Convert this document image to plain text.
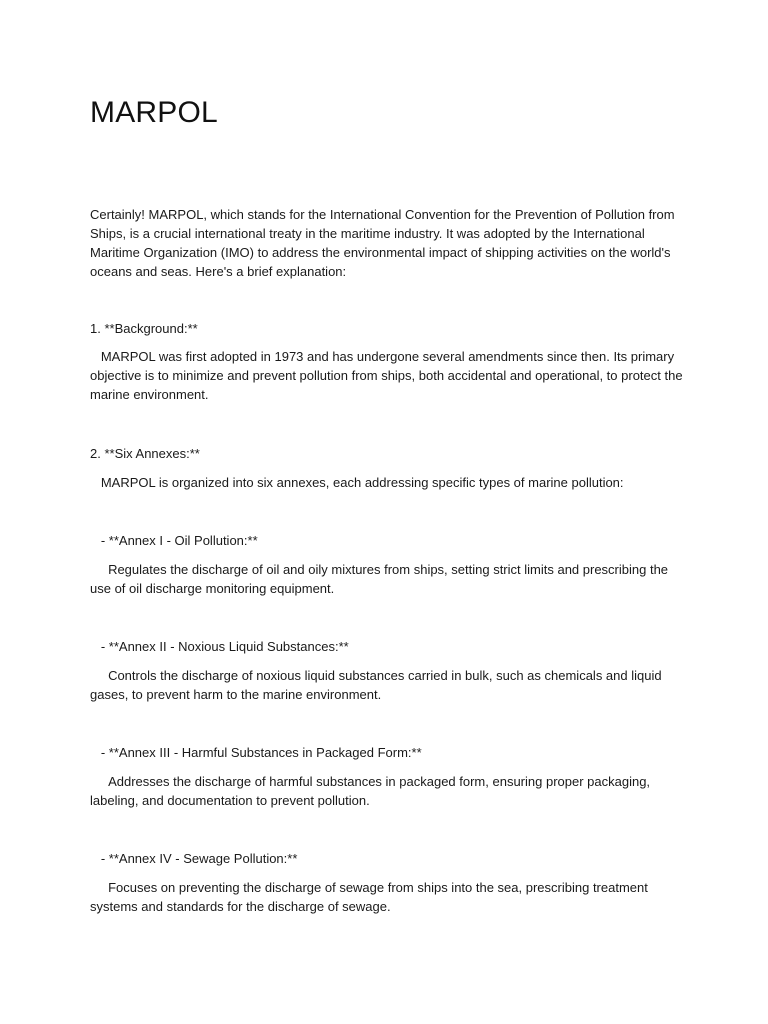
MARPOL

Certainly! MARPOL, which stands for the International Convention for the Prevention of Pollution from Ships, is a crucial international treaty in the maritime industry. It was adopted by the International Maritime Organization (IMO) to address the environmental impact of shipping activities on the world's oceans and seas. Here's a brief explanation:

1. **Background:**

MARPOL was first adopted in 1973 and has undergone several amendments since then. Its primary objective is to minimize and prevent pollution from ships, both accidental and operational, to protect the marine environment.

2. **Six Annexes:**

MARPOL is organized into six annexes, each addressing specific types of marine pollution:

- **Annex I - Oil Pollution:**

Regulates the discharge of oil and oily mixtures from ships, setting strict limits and prescribing the use of oil discharge monitoring equipment.

- **Annex II - Noxious Liquid Substances:**

Controls the discharge of noxious liquid substances carried in bulk, such as chemicals and liquid gases, to prevent harm to the marine environment.

- **Annex III - Harmful Substances in Packaged Form:**

Addresses the discharge of harmful substances in packaged form, ensuring proper packaging, labeling, and documentation to prevent pollution.

- **Annex IV - Sewage Pollution:**

Focuses on preventing the discharge of sewage from ships into the sea, prescribing treatment systems and standards for the discharge of sewage.
